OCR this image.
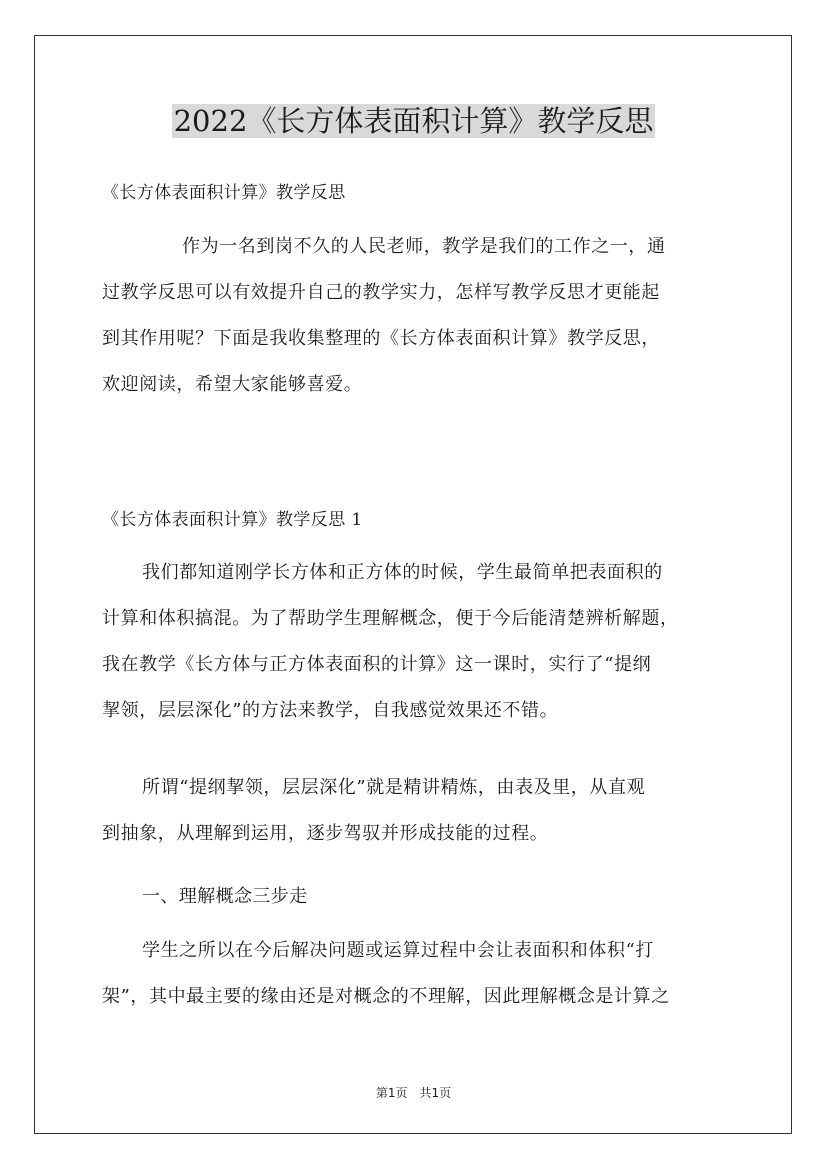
2022《长方体表面积计算》教学反思

《长方体表面积计算》教学反思

作为一名到岗不久的人民老师，教学是我们的工作之一，通
过教学反思可以有效提升自己的教学实力，怎样写教学反思才更能起
到其作用呢？下面是我收集整理的《长方体表面积计算》教学反思，
欢迎阅读，希望大家能够喜爱。

《长方体表面积计算》教学反思 1

我们都知道刚学长方体和正方体的时候，学生最简单把表面积的
计算和体积搞混。为了帮助学生理解概念，便于今后能清楚辨析解题，
我在教学《长方体与正方体表面积的计算》这一课时，实行了“提纲
挈领，层层深化”的方法来教学，自我感觉效果还不错。
所谓“提纲挈领，层层深化”就是精讲精炼，由表及里，从直观
到抽象，从理解到运用，逐步驾驭并形成技能的过程。

一、理解概念三步走

学生之所以在今后解决问题或运算过程中会让表面积和体积“打
架”，其中最主要的缘由还是对概念的不理解，因此理解概念是计算之
第1页　共1页
